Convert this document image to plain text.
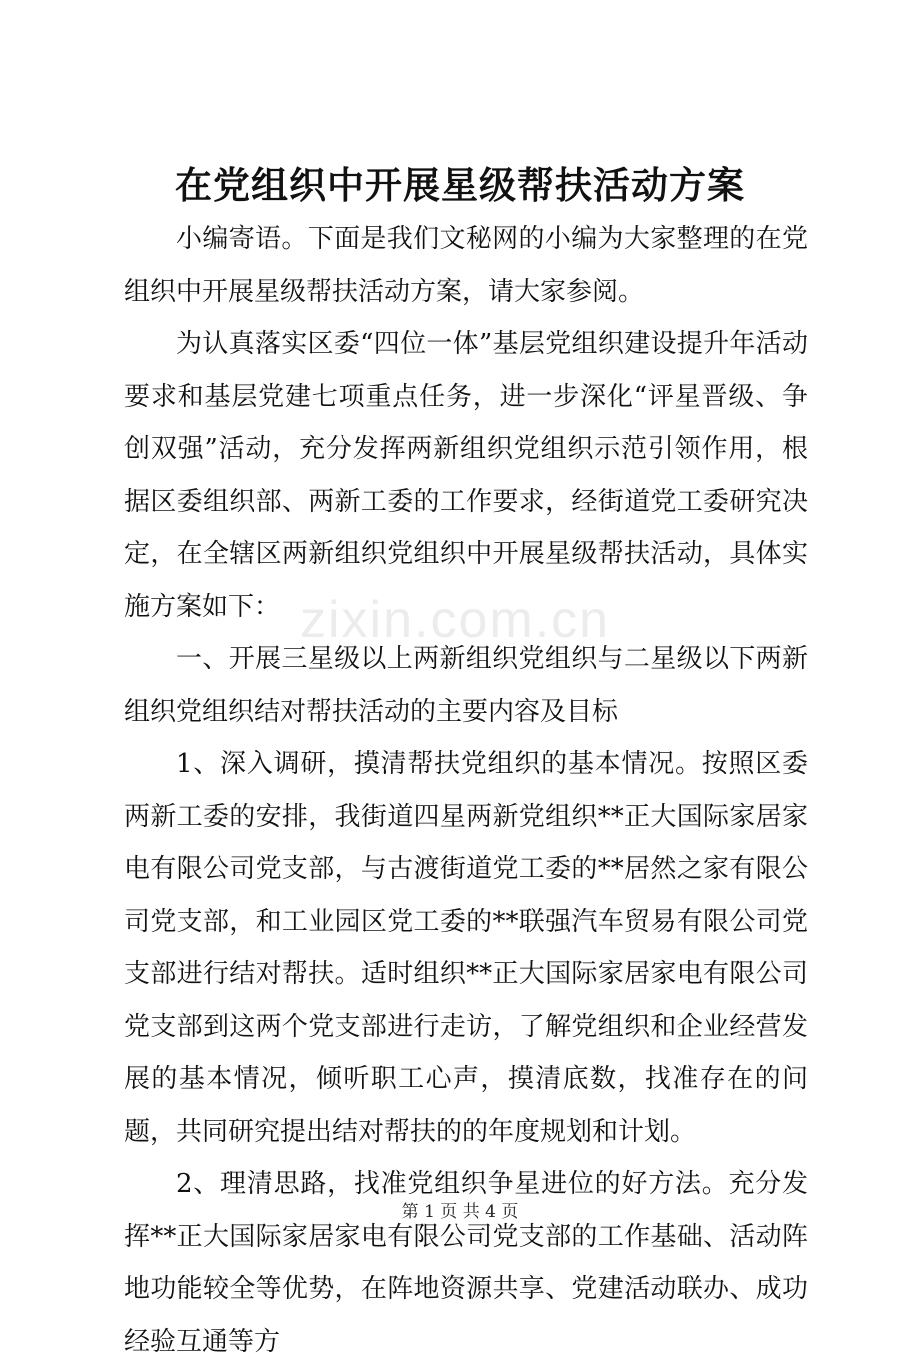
在党组织中开展星级帮扶活动方案

小编寄语。下面是我们文秘网的小编为大家整理的在党组织中开展星级帮扶活动方案，请大家参阅。

为认真落实区委“四位一体”基层党组织建设提升年活动要求和基层党建七项重点任务，进一步深化“评星晋级、争创双强”活动，充分发挥两新组织党组织示范引领作用，根据区委组织部、两新工委的工作要求，经街道党工委研究决定，在全辖区两新组织党组织中开展星级帮扶活动，具体实施方案如下：

一、开展三星级以上两新组织党组织与二星级以下两新组织党组织结对帮扶活动的主要内容及目标

1、深入调研，摸清帮扶党组织的基本情况。按照区委两新工委的安排，我街道四星两新党组织**正大国际家居家电有限公司党支部，与古渡街道党工委的**居然之家有限公司党支部，和工业园区党工委的**联强汽车贸易有限公司党支部进行结对帮扶。适时组织**正大国际家居家电有限公司党支部到这两个党支部进行走访，了解党组织和企业经营发展的基本情况，倾听职工心声，摸清底数，找准存在的问题，共同研究提出结对帮扶的的年度规划和计划。

2、理清思路，找准党组织争星进位的好方法。充分发挥**正大国际家居家电有限公司党支部的工作基础、活动阵地功能较全等优势，在阵地资源共享、党建活动联办、成功经验互通等方

zixin.com.cn
第 1 页 共 4 页
